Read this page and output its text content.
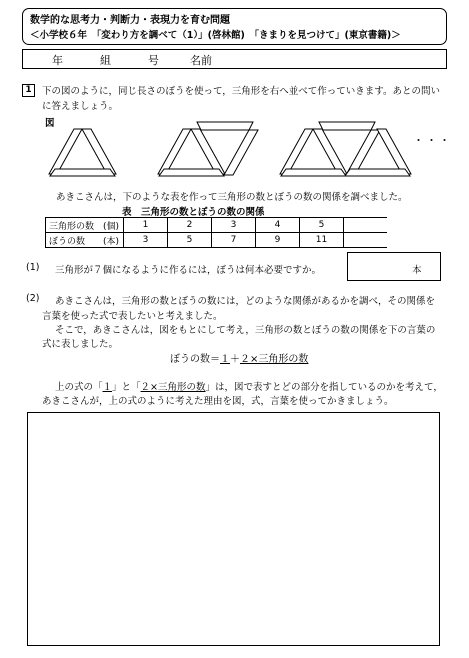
数学的な思考力・判断力・表現力を育む問題
＜小学校６年　「変わり方を調べて（1）」(啓林館)　「きまりを見つけて」(東京書籍)＞
年	組	号	名前
1	下の図のように，同じ長さのぼうを使って，三角形を右へ並べて作っていきます。あとの問いに答えましょう。
図
・・・
あきこさんは，下のような表を作って三角形の数とぼうの数の関係を調べました。
表　三角形の数とぼうの数の関係
三角形の数　(個)	1	2	3	4	5	
ぼうの数　　(本)	3	5	7	9	11	
(1) 三角形が７個になるように作るには，ぼうは何本必要ですか。	本
(2) あきこさんは，三角形の数とぼうの数には，どのような関係があるかを調べ，その関係を
言葉を使った式で表したいと考えました。
そこで，あきこさんは，図をもとにして考え，三角形の数とぼうの数の関係を下の言葉の
式に表しました。
ぼうの数＝１＋２×三角形の数
上の式の「１」と「２×三角形の数」は，図で表すとどの部分を指しているのかを考えて，
あきこさんが，上の式のように考えた理由を図，式，言葉を使ってかきましょう。
